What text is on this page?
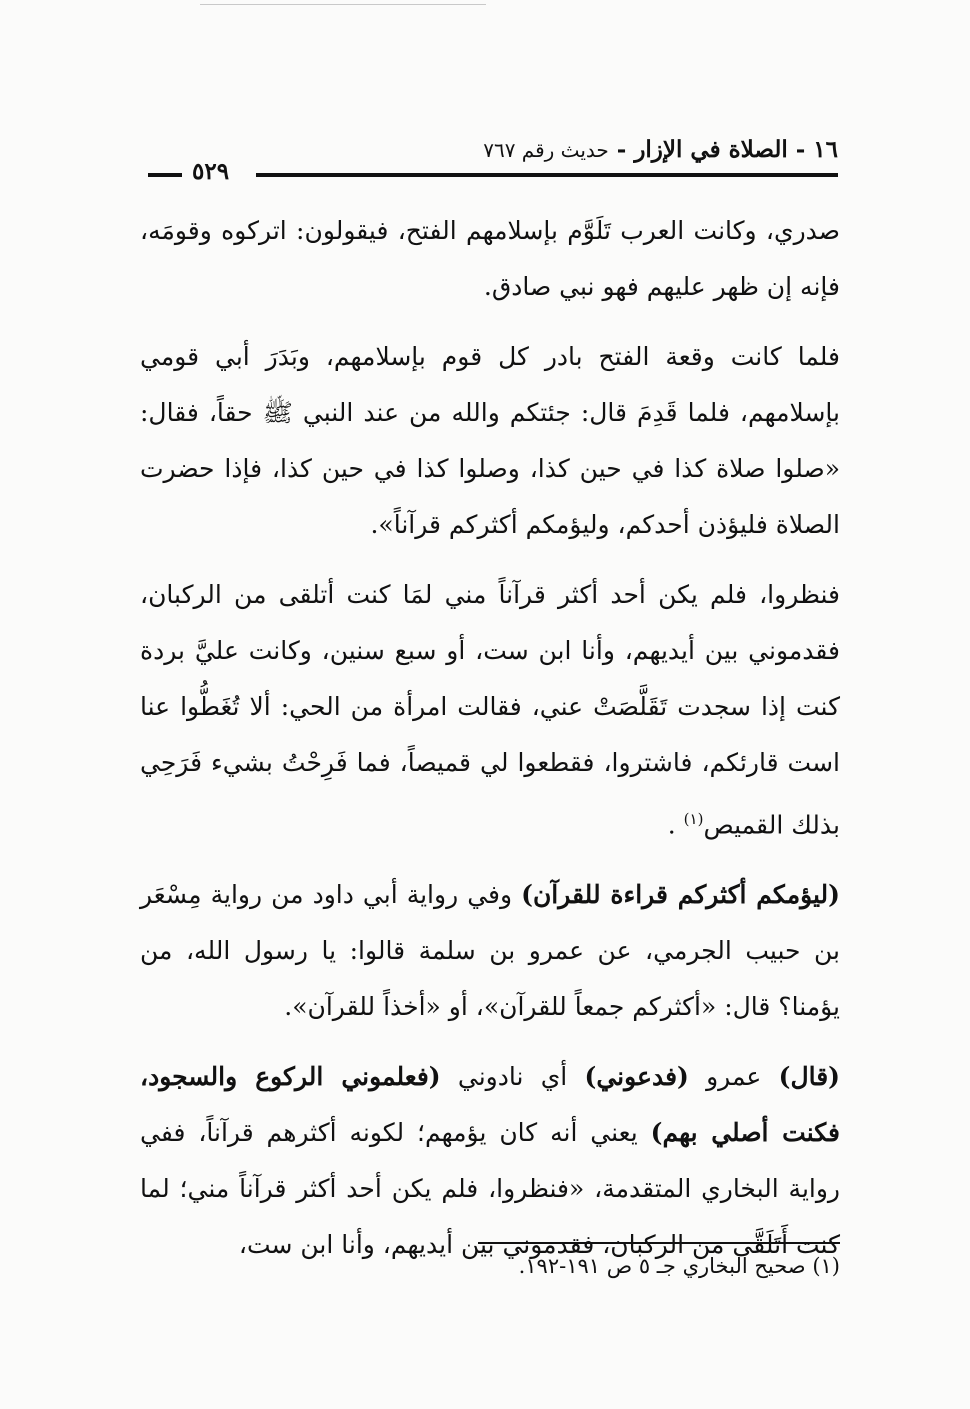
١٦ - الصلاة في الإزار - حديث رقم ٧٦٧
٥٢٩

صدري، وكانت العرب تَلَوَّم بإسلامهم الفتح، فيقولون: اتركوه وقومَه، فإنه إن ظهر عليهم فهو نبي صادق.

فلما كانت وقعة الفتح بادر كل قوم بإسلامهم، وبَدَرَ أبي قومي بإسلامهم، فلما قَدِمَ قال: جئتكم والله من عند النبي ﷺ حقاً، فقال: «صلوا صلاة كذا في حين كذا، وصلوا كذا في حين كذا، فإذا حضرت الصلاة فليؤذن أحدكم، وليؤمكم أكثركم قرآناً».

فنظروا، فلم يكن أحد أكثر قرآناً مني لمَا كنت أتلقى من الركبان، فقدموني بين أيديهم، وأنا ابن ست، أو سبع سنين، وكانت عليَّ بردة كنت إذا سجدت تَقَلَّصَتْ عني، فقالت امرأة من الحي: ألا تُغَطُّوا عنا است قارئكم، فاشتروا، فقطعوا لي قميصاً، فما فَرِحْتُ بشيء فَرَحِي بذلك القميص$^{(١)}$ .

(ليؤمكم أكثركم قراءة للقرآن) وفي رواية أبي داود من رواية مِسْعَر بن حبيب الجرمي، عن عمرو بن سلمة قالوا: يا رسول الله، من يؤمنا؟ قال: «أكثركم جمعاً للقرآن»، أو «أخذاً للقرآن».

(قال) عمرو (فدعوني) أي نادوني (فعلموني الركوع والسجود، فكنت أصلي بهم) يعني أنه كان يؤمهم؛ لكونه أكثرهم قرآناً، ففي رواية البخاري المتقدمة، «فنظروا، فلم يكن أحد أكثر قرآناً مني؛ لما كنت أَتَلَقَّى من الركبان، فقدموني بين أيديهم، وأنا ابن ست،

(١) صحيح البخاري جـ ٥ ص ١٩١-١٩٢.
